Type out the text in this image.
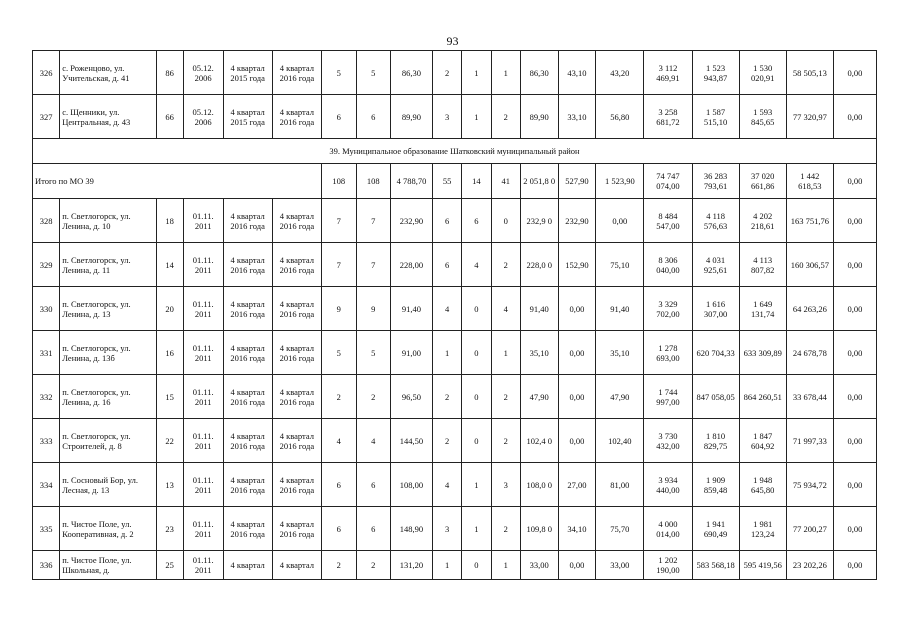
93
326	с. Роженцово, ул. Учительская, д. 41	86	05.12. 2006	4 квартал 2015 года	4 квартал 2016 года	5	5	86,30	2	1	1	86,30	43,10	43,20	3 112 469,91	1 523 943,87	1 530 020,91	58 505,13	0,00
327	с. Щенники, ул. Центральная, д. 43	66	05.12. 2006	4 квартал 2015 года	4 квартал 2016 года	6	6	89,90	3	1	2	89,90	33,10	56,80	3 258 681,72	1 587 515,10	1 593 845,65	77 320,97	0,00
39. Муниципальное образование Шатковский муниципальный район																			
Итого по МО 39						108	108	4 788,70	55	14	41	2 051,8 0	527,90	1 523,90	74 747 074,00	36 283 793,61	37 020 661,86	1 442 618,53	0,00
328	п. Светлогорск, ул. Ленина, д. 10	18	01.11. 2011	4 квартал 2016 года	4 квартал 2016 года	7	7	232,90	6	6	0	232,9 0	232,90	0,00	8 484 547,00	4 118 576,63	4 202 218,61	163 751,76	0,00
329	п. Светлогорск, ул. Ленина, д. 11	14	01.11. 2011	4 квартал 2016 года	4 квартал 2016 года	7	7	228,00	6	4	2	228,0 0	152,90	75,10	8 306 040,00	4 031 925,61	4 113 807,82	160 306,57	0,00
330	п. Светлогорск, ул. Ленина, д. 13	20	01.11. 2011	4 квартал 2016 года	4 квартал 2016 года	9	9	91,40	4	0	4	91,40	0,00	91,40	3 329 702,00	1 616 307,00	1 649 131,74	64 263,26	0,00
331	п. Светлогорск, ул. Ленина, д. 13б	16	01.11. 2011	4 квартал 2016 года	4 квартал 2016 года	5	5	91,00	1	0	1	35,10	0,00	35,10	1 278 693,00	620 704,33	633 309,89	24 678,78	0,00
332	п. Светлогорск, ул. Ленина, д. 16	15	01.11. 2011	4 квартал 2016 года	4 квартал 2016 года	2	2	96,50	2	0	2	47,90	0,00	47,90	1 744 997,00	847 058,05	864 260,51	33 678,44	0,00
333	п. Светлогорск, ул. Строителей, д. 8	22	01.11. 2011	4 квартал 2016 года	4 квартал 2016 года	4	4	144,50	2	0	2	102,4 0	0,00	102,40	3 730 432,00	1 810 829,75	1 847 604,92	71 997,33	0,00
334	п. Сосновый Бор, ул. Лесная, д. 13	13	01.11. 2011	4 квартал 2016 года	4 квартал 2016 года	6	6	108,00	4	1	3	108,0 0	27,00	81,00	3 934 440,00	1 909 859,48	1 948 645,80	75 934,72	0,00
335	п. Чистое Поле, ул. Кооперативная, д. 2	23	01.11. 2011	4 квартал 2016 года	4 квартал 2016 года	6	6	148,90	3	1	2	109,8 0	34,10	75,70	4 000 014,00	1 941 690,49	1 981 123,24	77 200,27	0,00
336	п. Чистое Поле, ул. Школьная, д.	25	01.11. 2011	4 квартал	4 квартал	2	2	131,20	1	0	1	33,00	0,00	33,00	1 202 190,00	583 568,18	595 419,56	23 202,26	0,00
